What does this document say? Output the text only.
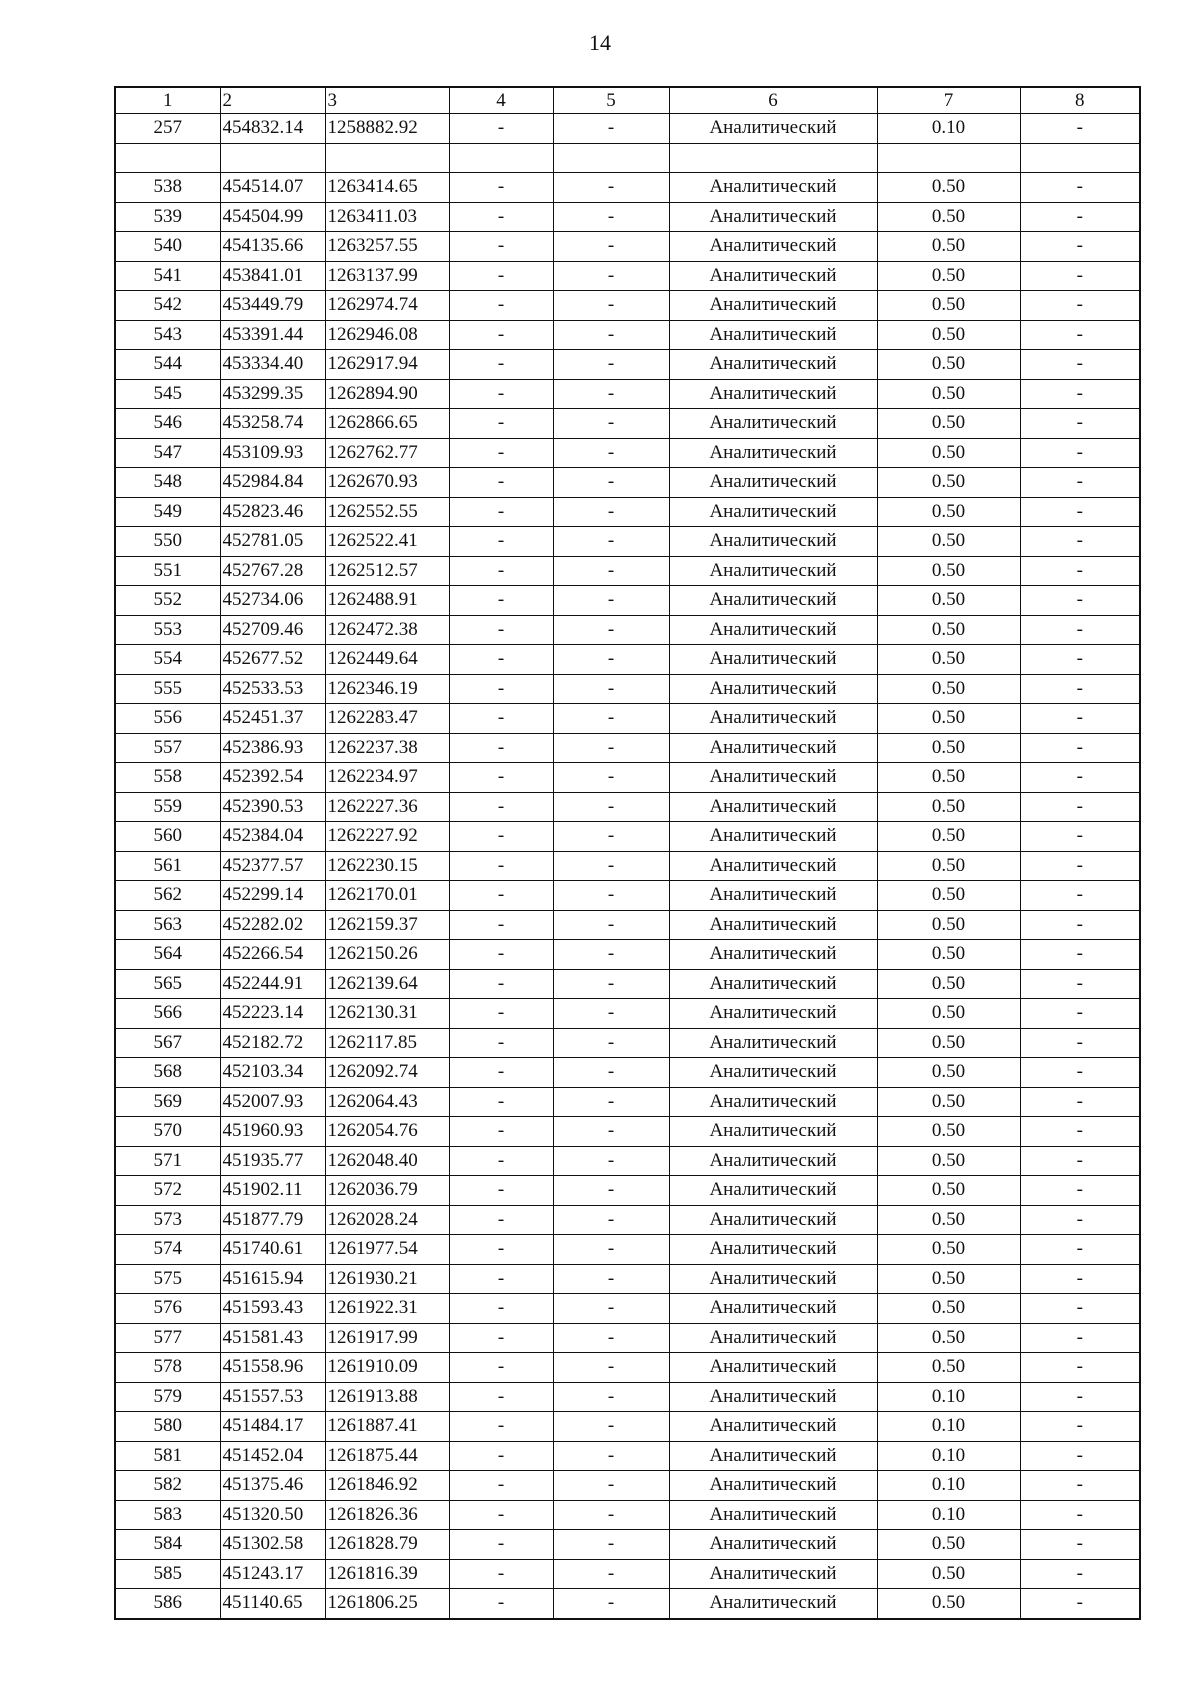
14
1	2	3	4	5	6	7	8
257	454832.14	1258882.92	-	-	Аналитический	0.10	-

538	454514.07	1263414.65	-	-	Аналитический	0.50	-
539	454504.99	1263411.03	-	-	Аналитический	0.50	-
540	454135.66	1263257.55	-	-	Аналитический	0.50	-
541	453841.01	1263137.99	-	-	Аналитический	0.50	-
542	453449.79	1262974.74	-	-	Аналитический	0.50	-
543	453391.44	1262946.08	-	-	Аналитический	0.50	-
544	453334.40	1262917.94	-	-	Аналитический	0.50	-
545	453299.35	1262894.90	-	-	Аналитический	0.50	-
546	453258.74	1262866.65	-	-	Аналитический	0.50	-
547	453109.93	1262762.77	-	-	Аналитический	0.50	-
548	452984.84	1262670.93	-	-	Аналитический	0.50	-
549	452823.46	1262552.55	-	-	Аналитический	0.50	-
550	452781.05	1262522.41	-	-	Аналитический	0.50	-
551	452767.28	1262512.57	-	-	Аналитический	0.50	-
552	452734.06	1262488.91	-	-	Аналитический	0.50	-
553	452709.46	1262472.38	-	-	Аналитический	0.50	-
554	452677.52	1262449.64	-	-	Аналитический	0.50	-
555	452533.53	1262346.19	-	-	Аналитический	0.50	-
556	452451.37	1262283.47	-	-	Аналитический	0.50	-
557	452386.93	1262237.38	-	-	Аналитический	0.50	-
558	452392.54	1262234.97	-	-	Аналитический	0.50	-
559	452390.53	1262227.36	-	-	Аналитический	0.50	-
560	452384.04	1262227.92	-	-	Аналитический	0.50	-
561	452377.57	1262230.15	-	-	Аналитический	0.50	-
562	452299.14	1262170.01	-	-	Аналитический	0.50	-
563	452282.02	1262159.37	-	-	Аналитический	0.50	-
564	452266.54	1262150.26	-	-	Аналитический	0.50	-
565	452244.91	1262139.64	-	-	Аналитический	0.50	-
566	452223.14	1262130.31	-	-	Аналитический	0.50	-
567	452182.72	1262117.85	-	-	Аналитический	0.50	-
568	452103.34	1262092.74	-	-	Аналитический	0.50	-
569	452007.93	1262064.43	-	-	Аналитический	0.50	-
570	451960.93	1262054.76	-	-	Аналитический	0.50	-
571	451935.77	1262048.40	-	-	Аналитический	0.50	-
572	451902.11	1262036.79	-	-	Аналитический	0.50	-
573	451877.79	1262028.24	-	-	Аналитический	0.50	-
574	451740.61	1261977.54	-	-	Аналитический	0.50	-
575	451615.94	1261930.21	-	-	Аналитический	0.50	-
576	451593.43	1261922.31	-	-	Аналитический	0.50	-
577	451581.43	1261917.99	-	-	Аналитический	0.50	-
578	451558.96	1261910.09	-	-	Аналитический	0.50	-
579	451557.53	1261913.88	-	-	Аналитический	0.10	-
580	451484.17	1261887.41	-	-	Аналитический	0.10	-
581	451452.04	1261875.44	-	-	Аналитический	0.10	-
582	451375.46	1261846.92	-	-	Аналитический	0.10	-
583	451320.50	1261826.36	-	-	Аналитический	0.10	-
584	451302.58	1261828.79	-	-	Аналитический	0.50	-
585	451243.17	1261816.39	-	-	Аналитический	0.50	-
586	451140.65	1261806.25	-	-	Аналитический	0.50	-
